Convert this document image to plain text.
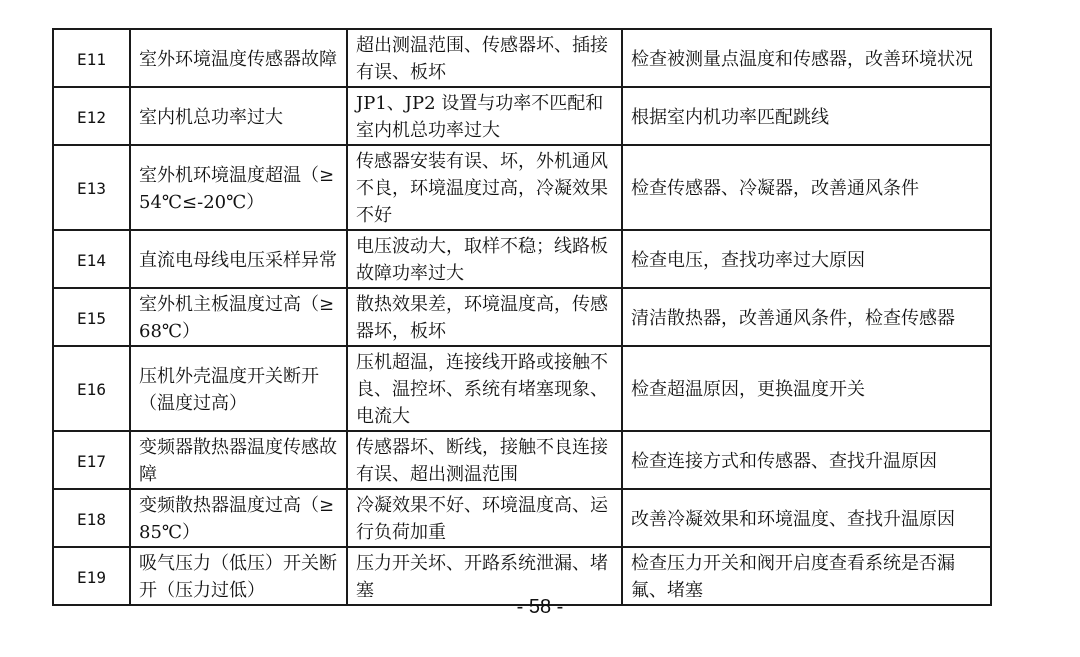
E11	室外环境温度传感器故障	超出测温范围、传感器坏、插接有误、板坏	检查被测量点温度和传感器，改善环境状况
E12	室内机总功率过大	JP1、JP2 设置与功率不匹配和室内机总功率过大	根据室内机功率匹配跳线
E13	室外机环境温度超温（≥54℃≤-20℃）	传感器安装有误、坏，外机通风不良，环境温度过高，冷凝效果不好	检查传感器、冷凝器，改善通风条件
E14	直流电母线电压采样异常	电压波动大，取样不稳；线路板故障功率过大	检查电压，查找功率过大原因
E15	室外机主板温度过高（≥68℃）	散热效果差，环境温度高，传感器坏，板坏	清洁散热器，改善通风条件，检查传感器
E16	压机外壳温度开关断开（温度过高）	压机超温，连接线开路或接触不良、温控坏、系统有堵塞现象、电流大	检查超温原因，更换温度开关
E17	变频器散热器温度传感故障	传感器坏、断线，接触不良连接有误、超出测温范围	检查连接方式和传感器、查找升温原因
E18	变频散热器温度过高（≥85℃）	冷凝效果不好、环境温度高、运行负荷加重	改善冷凝效果和环境温度、查找升温原因
E19	吸气压力（低压）开关断开（压力过低）	压力开关坏、开路系统泄漏、堵塞	检查压力开关和阀开启度查看系统是否漏氟、堵塞
- 58 -
